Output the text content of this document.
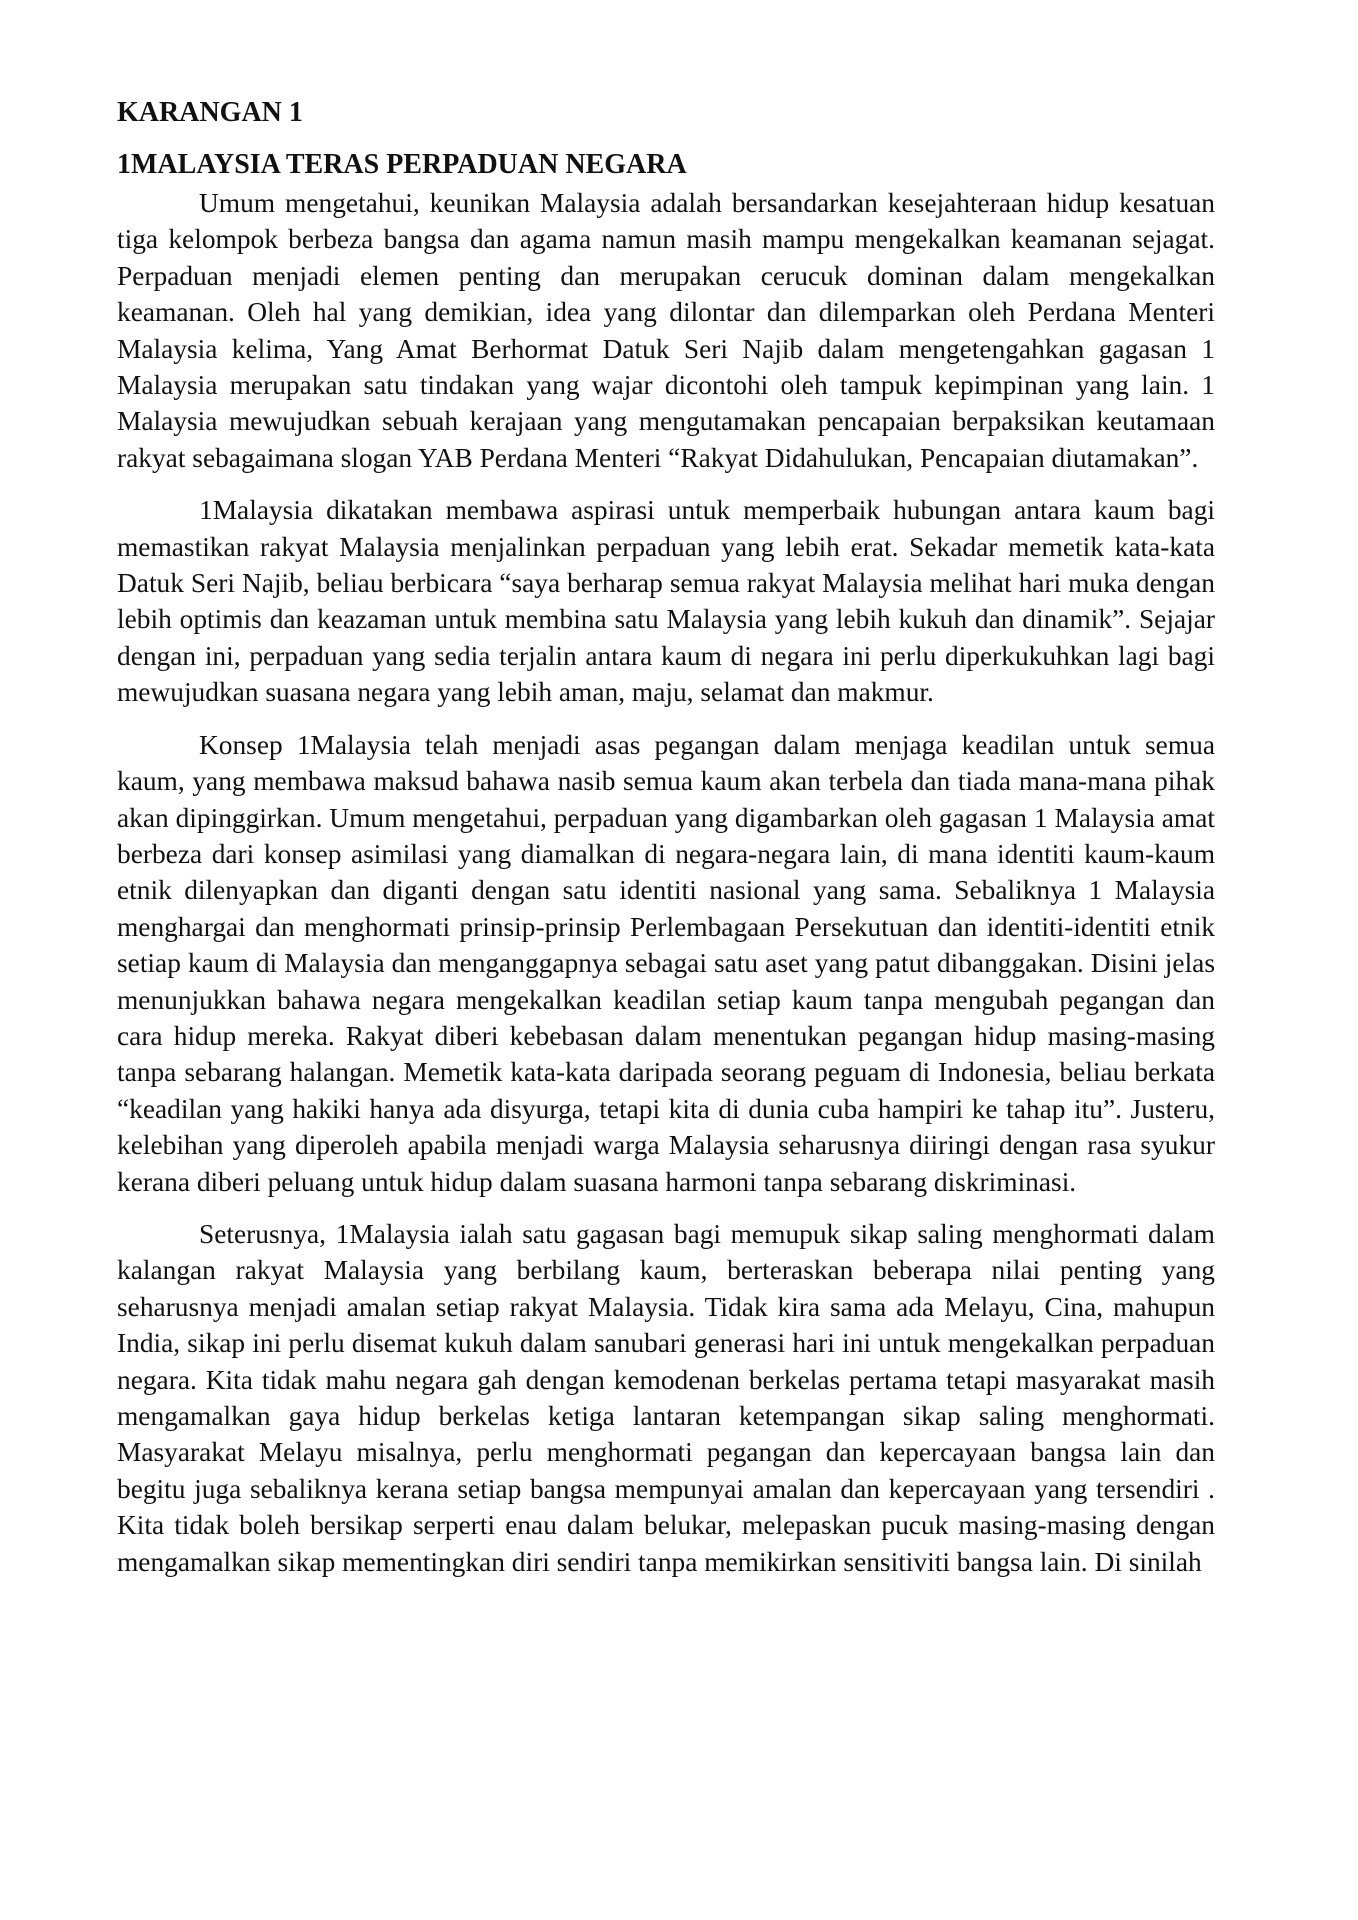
KARANGAN 1
1MALAYSIA TERAS PERPADUAN NEGARA

Umum mengetahui, keunikan Malaysia adalah bersandarkan kesejahteraan hidup kesatuan tiga kelompok berbeza bangsa dan agama namun masih mampu mengekalkan keamanan sejagat. Perpaduan menjadi elemen penting dan merupakan cerucuk dominan dalam mengekalkan keamanan. Oleh hal yang demikian, idea yang dilontar dan dilemparkan oleh Perdana Menteri Malaysia kelima, Yang Amat Berhormat Datuk Seri Najib dalam mengetengahkan gagasan 1 Malaysia merupakan satu tindakan yang wajar dicontohi oleh tampuk kepimpinan yang lain. 1 Malaysia mewujudkan sebuah kerajaan yang mengutamakan pencapaian berpaksikan keutamaan rakyat sebagaimana slogan YAB Perdana Menteri “Rakyat Didahulukan, Pencapaian diutamakan”.

1Malaysia dikatakan membawa aspirasi untuk memperbaik hubungan antara kaum bagi memastikan rakyat Malaysia menjalinkan perpaduan yang lebih erat. Sekadar memetik kata-kata Datuk Seri Najib, beliau berbicara “saya berharap semua rakyat Malaysia melihat hari muka dengan lebih optimis dan keazaman untuk membina satu Malaysia yang lebih kukuh dan dinamik”. Sejajar dengan ini, perpaduan yang sedia terjalin antara kaum di negara ini perlu diperkukuhkan lagi bagi mewujudkan suasana negara yang lebih aman, maju, selamat dan makmur.

Konsep 1Malaysia telah menjadi asas pegangan dalam menjaga keadilan untuk semua kaum, yang membawa maksud bahawa nasib semua kaum akan terbela dan tiada mana-mana pihak akan dipinggirkan. Umum mengetahui, perpaduan yang digambarkan oleh gagasan 1 Malaysia amat berbeza dari konsep asimilasi yang diamalkan di negara-negara lain, di mana identiti kaum-kaum etnik dilenyapkan dan diganti dengan satu identiti nasional yang sama. Sebaliknya 1 Malaysia menghargai dan menghormati prinsip-prinsip Perlembagaan Persekutuan dan identiti-identiti etnik setiap kaum di Malaysia dan menganggapnya sebagai satu aset yang patut dibanggakan. Disini jelas menunjukkan bahawa negara mengekalkan keadilan setiap kaum tanpa mengubah pegangan dan cara hidup mereka. Rakyat diberi kebebasan dalam menentukan pegangan hidup masing-masing tanpa sebarang halangan. Memetik kata-kata daripada seorang peguam di Indonesia, beliau berkata “keadilan yang hakiki hanya ada disyurga, tetapi kita di dunia cuba hampiri ke tahap itu”. Justeru, kelebihan yang diperoleh apabila menjadi warga Malaysia seharusnya diiringi dengan rasa syukur kerana diberi peluang untuk hidup dalam suasana harmoni tanpa sebarang diskriminasi.

Seterusnya, 1Malaysia ialah satu gagasan bagi memupuk sikap saling menghormati dalam kalangan rakyat Malaysia yang berbilang kaum, berteraskan beberapa nilai penting yang seharusnya menjadi amalan setiap rakyat Malaysia. Tidak kira sama ada Melayu, Cina, mahupun India, sikap ini perlu disemat kukuh dalam sanubari generasi hari ini untuk mengekalkan perpaduan negara. Kita tidak mahu negara gah dengan kemodenan berkelas pertama tetapi masyarakat masih mengamalkan gaya hidup berkelas ketiga lantaran ketempangan sikap saling menghormati. Masyarakat Melayu misalnya, perlu menghormati pegangan dan kepercayaan bangsa lain dan begitu juga sebaliknya kerana setiap bangsa mempunyai amalan dan kepercayaan yang tersendiri . Kita tidak boleh bersikap serperti enau dalam belukar, melepaskan pucuk masing-masing dengan mengamalkan sikap mementingkan diri sendiri tanpa memikirkan sensitiviti bangsa lain. Di sinilah
